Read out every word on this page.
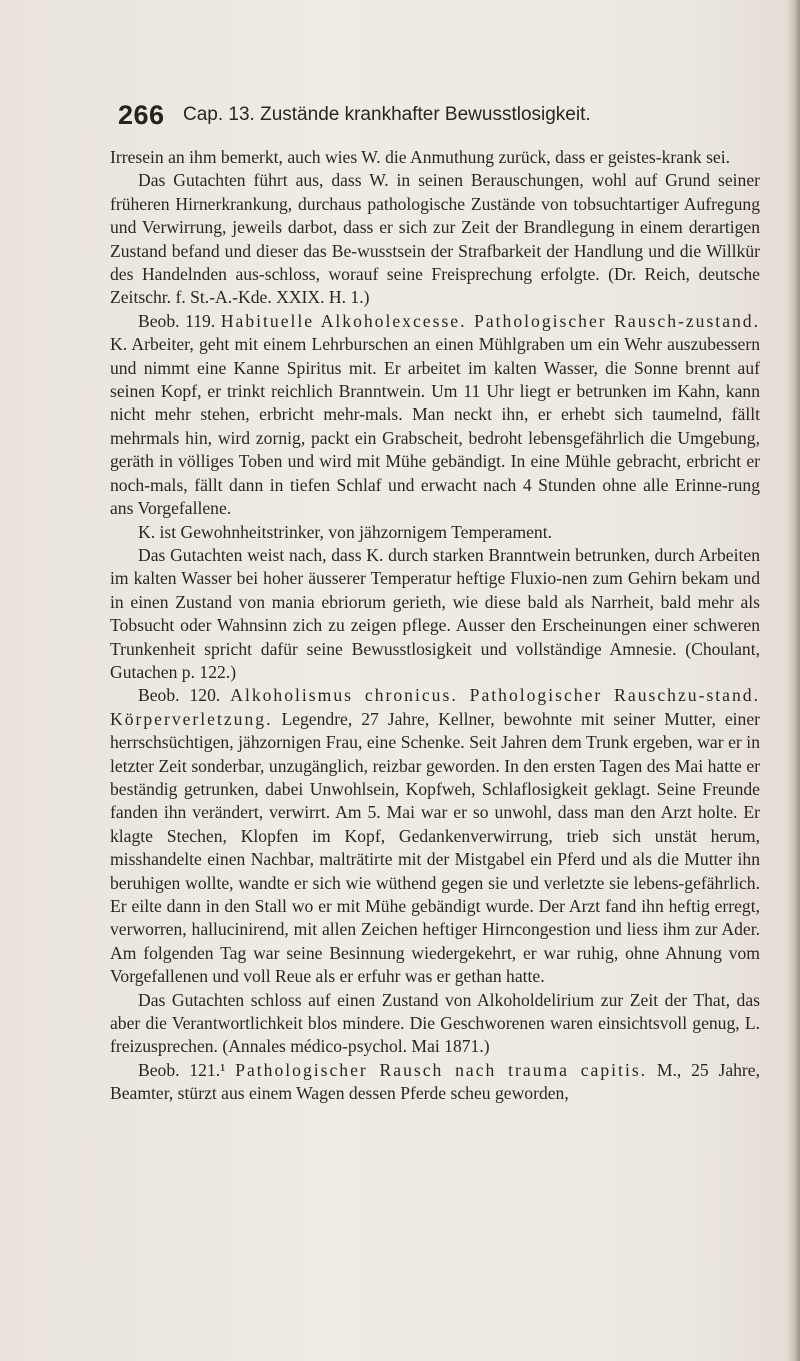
266 Cap. 13. Zustände krankhafter Bewusstlosigkeit.

Irresein an ihm bemerkt, auch wies W. die Anmuthung zurück, dass er geistes-krank sei.

Das Gutachten führt aus, dass W. in seinen Berauschungen, wohl auf Grund seiner früheren Hirnerkrankung, durchaus pathologische Zustände von tobsuchtartiger Aufregung und Verwirrung, jeweils darbot, dass er sich zur Zeit der Brandlegung in einem derartigen Zustand befand und dieser das Be-wusstsein der Strafbarkeit der Handlung und die Willkür des Handelnden aus-schloss, worauf seine Freisprechung erfolgte. (Dr. Reich, deutsche Zeitschr. f. St.-A.-Kde. XXIX. H. 1.)

Beob. 119. Habituelle Alkoholexcesse. Pathologischer Rausch-zustand. K. Arbeiter, geht mit einem Lehrburschen an einen Mühlgraben um ein Wehr auszubessern und nimmt eine Kanne Spiritus mit. Er arbeitet im kalten Wasser, die Sonne brennt auf seinen Kopf, er trinkt reichlich Branntwein. Um 11 Uhr liegt er betrunken im Kahn, kann nicht mehr stehen, erbricht mehr-mals. Man neckt ihn, er erhebt sich taumelnd, fällt mehrmals hin, wird zornig, packt ein Grabscheit, bedroht lebensgefährlich die Umgebung, geräth in völliges Toben und wird mit Mühe gebändigt. In eine Mühle gebracht, erbricht er noch-mals, fällt dann in tiefen Schlaf und erwacht nach 4 Stunden ohne alle Erinne-rung ans Vorgefallene.

K. ist Gewohnheitstrinker, von jähzornigem Temperament.

Das Gutachten weist nach, dass K. durch starken Branntwein betrunken, durch Arbeiten im kalten Wasser bei hoher äusserer Temperatur heftige Fluxio-nen zum Gehirn bekam und in einen Zustand von mania ebriorum gerieth, wie diese bald als Narrheit, bald mehr als Tobsucht oder Wahnsinn zich zu zeigen pflege. Ausser den Erscheinungen einer schweren Trunkenheit spricht dafür seine Bewusstlosigkeit und vollständige Amnesie. (Choulant, Gutachen p. 122.)

Beob. 120. Alkoholismus chronicus. Pathologischer Rauschzu-stand. Körperverletzung. Legendre, 27 Jahre, Kellner, bewohnte mit seiner Mutter, einer herrschsüchtigen, jähzornigen Frau, eine Schenke. Seit Jahren dem Trunk ergeben, war er in letzter Zeit sonderbar, unzugänglich, reizbar geworden. In den ersten Tagen des Mai hatte er beständig getrunken, dabei Unwohlsein, Kopfweh, Schlaflosigkeit geklagt. Seine Freunde fanden ihn verändert, verwirrt. Am 5. Mai war er so unwohl, dass man den Arzt holte. Er klagte Stechen, Klopfen im Kopf, Gedankenverwirrung, trieb sich unstät herum, misshandelte einen Nachbar, malträtirte mit der Mistgabel ein Pferd und als die Mutter ihn beruhigen wollte, wandte er sich wie wüthend gegen sie und verletzte sie lebens-gefährlich. Er eilte dann in den Stall wo er mit Mühe gebändigt wurde. Der Arzt fand ihn heftig erregt, verworren, hallucinirend, mit allen Zeichen heftiger Hirncongestion und liess ihm zur Ader. Am folgenden Tag war seine Besinnung wiedergekehrt, er war ruhig, ohne Ahnung vom Vorgefallenen und voll Reue als er erfuhr was er gethan hatte.

Das Gutachten schloss auf einen Zustand von Alkoholdelirium zur Zeit der That, das aber die Verantwortlichkeit blos mindere. Die Geschworenen waren einsichtsvoll genug, L. freizusprechen. (Annales médico-psychol. Mai 1871.)

Beob. 121.¹ Pathologischer Rausch nach trauma capitis. M., 25 Jahre, Beamter, stürzt aus einem Wagen dessen Pferde scheu geworden,
